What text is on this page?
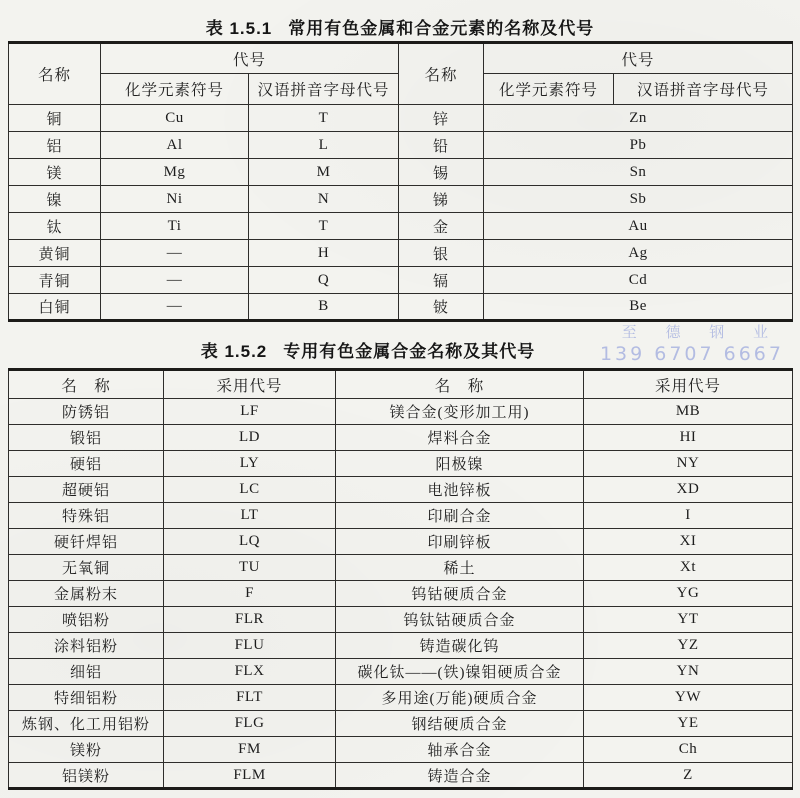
表 1.5.1 常用有色金属和合金元素的名称及代号
名称	代号		名称	代号	
	化学元素符号	汉语拼音字母代号		化学元素符号	汉语拼音字母代号
铜	Cu	T	锌	Zn	
铝	Al	L	铅	Pb	
镁	Mg	M	锡	Sn	
镍	Ni	N	锑	Sb	
钛	Ti	T	金	Au	
黄铜	—	H	银	Ag	
青铜	—	Q	镉	Cd	
白铜	—	B	铍	Be	
表 1.5.2 专用有色金属合金名称及其代号
至 德 钢 业
139 6707 6667
名　称	采用代号	名　称	采用代号
防锈铝	LF	镁合金(变形加工用)	MB
锻铝	LD	焊料合金	HI
硬铝	LY	阳极镍	NY
超硬铝	LC	电池锌板	XD
特殊铝	LT	印刷合金	I
硬钎焊铝	LQ	印刷锌板	XI
无氧铜	TU	稀土	Xt
金属粉末	F	钨钴硬质合金	YG
喷铝粉	FLR	钨钛钴硬质合金	YT
涂料铝粉	FLU	铸造碳化钨	YZ
细铝	FLX	碳化钛——(铁)镍钼硬质合金	YN
特细铝粉	FLT	多用途(万能)硬质合金	YW
炼钢、化工用铝粉	FLG	钢结硬质合金	YE
镁粉	FM	轴承合金	Ch
铝镁粉	FLM	铸造合金	Z
